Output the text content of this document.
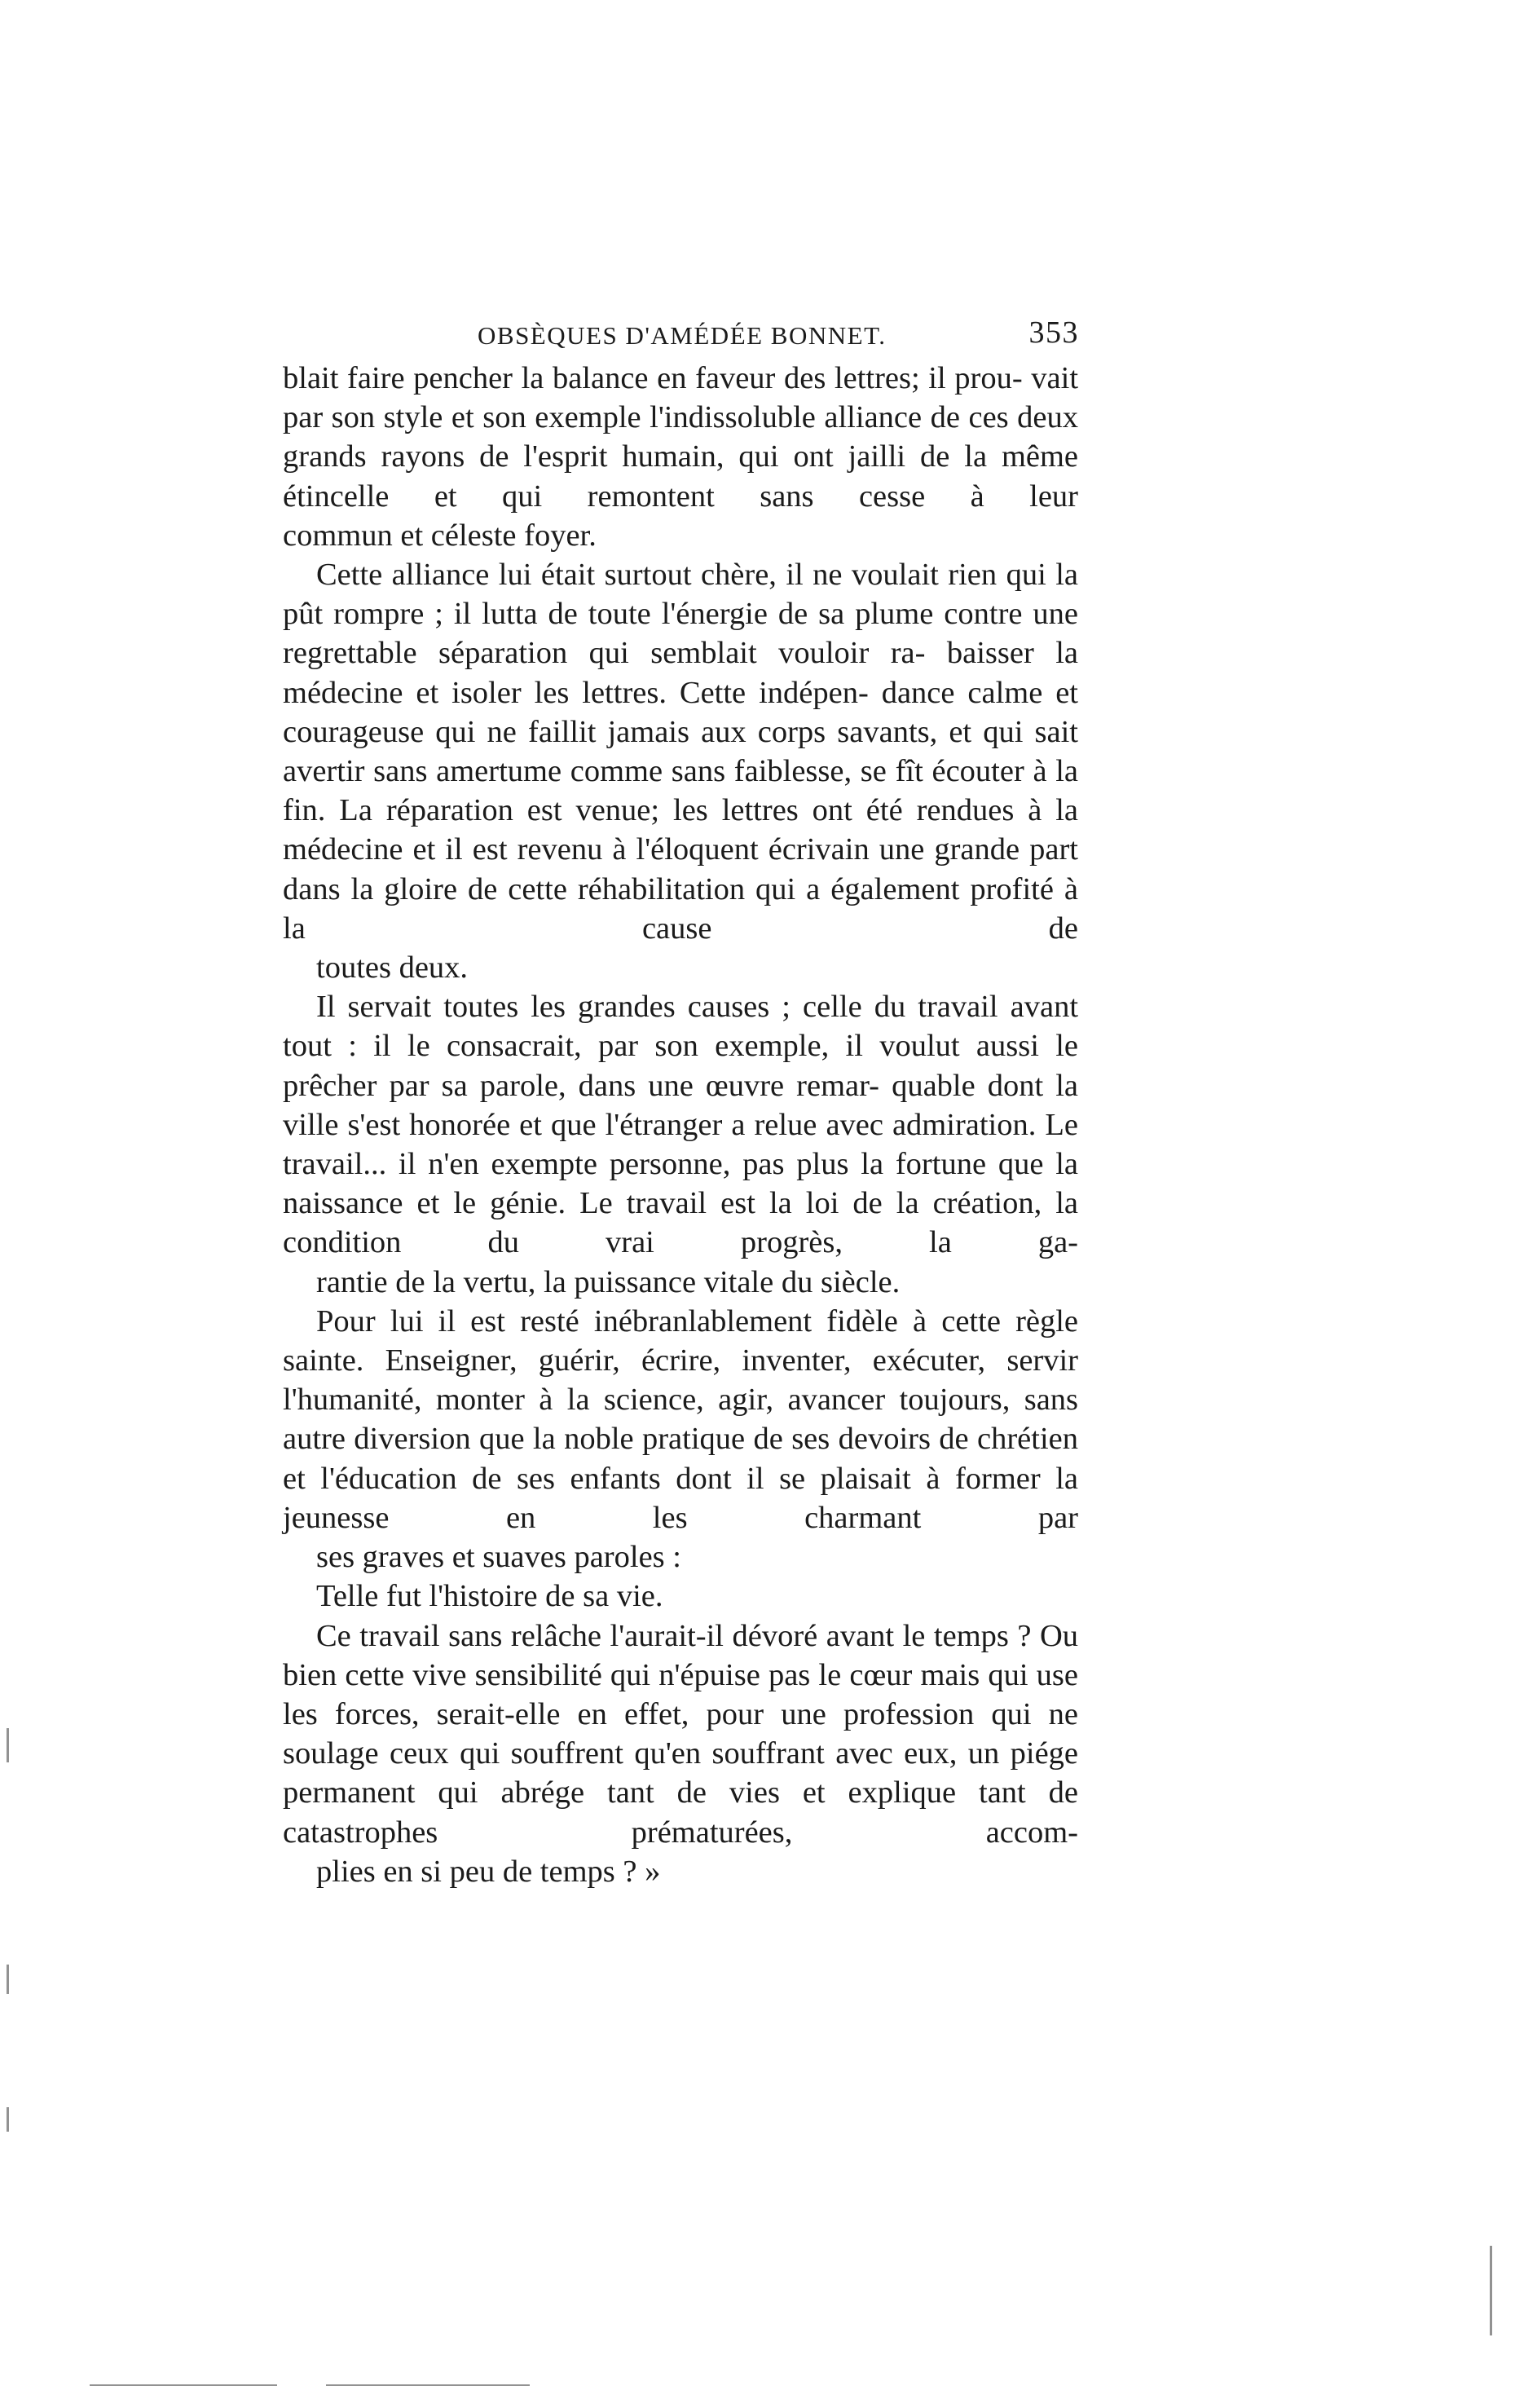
OBSÈQUES D'AMÉDÉE BONNET.	353

blait faire pencher la balance en faveur des lettres; il prou- vait par son style et son exemple l'indissoluble alliance de ces deux grands rayons de l'esprit humain, qui ont jailli de la même étincelle et qui remontent sans cesse à leur
commun et céleste foyer.

Cette alliance lui était surtout chère, il ne voulait rien qui la pût rompre ; il lutta de toute l'énergie de sa plume contre une regrettable séparation qui semblait vouloir ra- baisser la médecine et isoler les lettres. Cette indépen- dance calme et courageuse qui ne faillit jamais aux corps savants, et qui sait avertir sans amertume comme sans faiblesse, se fît écouter à la fin. La réparation est venue; les lettres ont été rendues à la médecine et il est revenu à l'éloquent écrivain une grande part dans la gloire de cette réhabilitation qui a également profité à la cause de
toutes deux.

Il servait toutes les grandes causes ; celle du travail avant tout : il le consacrait, par son exemple, il voulut aussi le prêcher par sa parole, dans une œuvre remar- quable dont la ville s'est honorée et que l'étranger a relue avec admiration. Le travail... il n'en exempte personne, pas plus la fortune que la naissance et le génie. Le travail est la loi de la création, la condition du vrai progrès, la ga-
rantie de la vertu, la puissance vitale du siècle.

Pour lui il est resté inébranlablement fidèle à cette règle sainte. Enseigner, guérir, écrire, inventer, exécuter, servir l'humanité, monter à la science, agir, avancer toujours, sans autre diversion que la noble pratique de ses devoirs de chrétien et l'éducation de ses enfants dont il se plaisait à former la jeunesse en les charmant par
ses graves et suaves paroles :

Telle fut l'histoire de sa vie.

Ce travail sans relâche l'aurait-il dévoré avant le temps ? Ou bien cette vive sensibilité qui n'épuise pas le cœur mais qui use les forces, serait-elle en effet, pour une profession qui ne soulage ceux qui souffrent qu'en souffrant avec eux, un piége permanent qui abrége tant de vies et explique tant de catastrophes prématurées, accom-
plies en si peu de temps ? »
